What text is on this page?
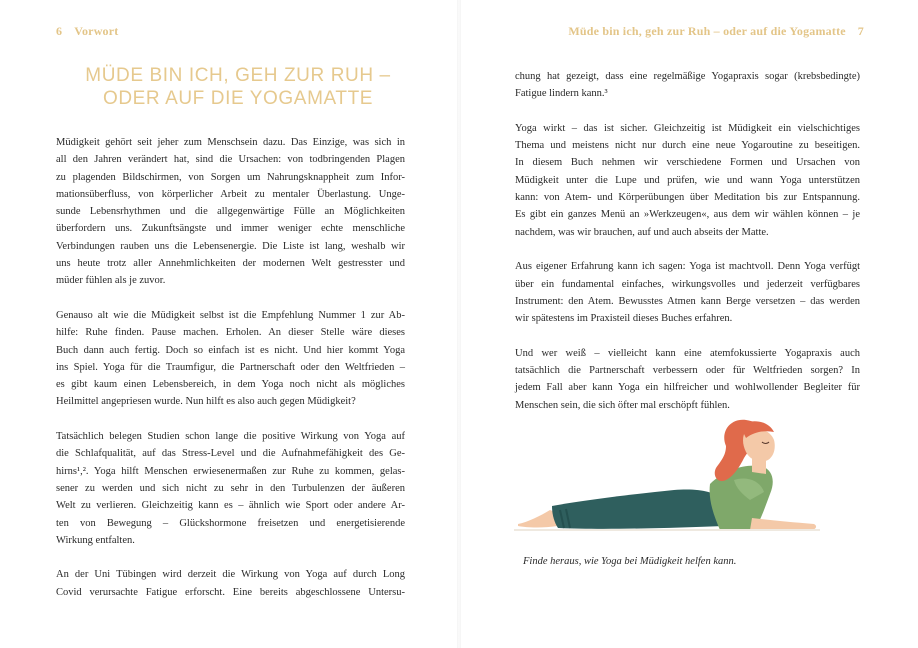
6 Vorwort	Müde bin ich, geh zur Ruh – oder auf die Yogamatte 7
MÜDE BIN ICH, GEH ZUR RUH –
ODER AUF DIE YOGAMATTE
Müdigkeit gehört seit jeher zum Menschsein dazu. Das Einzige, was sich in
all den Jahren verändert hat, sind die Ursachen: von todbringenden Plagen
zu plagenden Bildschirmen, von Sorgen um Nahrungsknappheit zum Infor-
mationsüberfluss, von körperlicher Arbeit zu mentaler Überlastung. Unge-
sunde Lebensrhythmen und die allgegenwärtige Fülle an Möglichkeiten
überfordern uns. Zukunftsängste und immer weniger echte menschliche
Verbindungen rauben uns die Lebensenergie. Die Liste ist lang, weshalb wir
uns heute trotz aller Annehmlichkeiten der modernen Welt gestresster und
müder fühlen als je zuvor.
Genauso alt wie die Müdigkeit selbst ist die Empfehlung Nummer 1 zur Ab-
hilfe: Ruhe finden. Pause machen. Erholen. An dieser Stelle wäre dieses
Buch dann auch fertig. Doch so einfach ist es nicht. Und hier kommt Yoga
ins Spiel. Yoga für die Traumfigur, die Partnerschaft oder den Weltfrieden –
es gibt kaum einen Lebensbereich, in dem Yoga noch nicht als mögliches
Heilmittel angepriesen wurde. Nun hilft es also auch gegen Müdigkeit?
Tatsächlich belegen Studien schon lange die positive Wirkung von Yoga auf
die Schlafqualität, auf das Stress-Level und die Aufnahmefähigkeit des Ge-
hirns¹,². Yoga hilft Menschen erwiesenermaßen zur Ruhe zu kommen, gelas-
sener zu werden und sich nicht zu sehr in den Turbulenzen der äußeren
Welt zu verlieren. Gleichzeitig kann es – ähnlich wie Sport oder andere Ar-
ten von Bewegung – Glückshormone freisetzen und energetisierende
Wirkung entfalten.
An der Uni Tübingen wird derzeit die Wirkung von Yoga auf durch Long
Covid verursachte Fatigue erforscht. Eine bereits abgeschlossene Untersu-
chung hat gezeigt, dass eine regelmäßige Yogapraxis sogar (krebsbedingte)
Fatigue lindern kann.³
Yoga wirkt – das ist sicher. Gleichzeitig ist Müdigkeit ein vielschichtiges
Thema und meistens nicht nur durch eine neue Yogaroutine zu beseitigen.
In diesem Buch nehmen wir verschiedene Formen und Ursachen von
Müdigkeit unter die Lupe und prüfen, wie und wann Yoga unterstützen
kann: von Atem- und Körperübungen über Meditation bis zur Entspannung.
Es gibt ein ganzes Menü an »Werkzeugen«, aus dem wir wählen können – je
nachdem, was wir brauchen, auf und auch abseits der Matte.
Aus eigener Erfahrung kann ich sagen: Yoga ist machtvoll. Denn Yoga verfügt
über ein fundamental einfaches, wirkungsvolles und jederzeit verfügbares
Instrument: den Atem. Bewusstes Atmen kann Berge versetzen – das werden
wir spätestens im Praxisteil dieses Buches erfahren.
Und wer weiß – vielleicht kann eine atemfokussierte Yogapraxis auch
tatsächlich die Partnerschaft verbessern oder für Weltfrieden sorgen? In
jedem Fall aber kann Yoga ein hilfreicher und wohlwollender Begleiter für
Menschen sein, die sich öfter mal erschöpft fühlen.
Finde heraus, wie Yoga bei Müdigkeit helfen kann.
